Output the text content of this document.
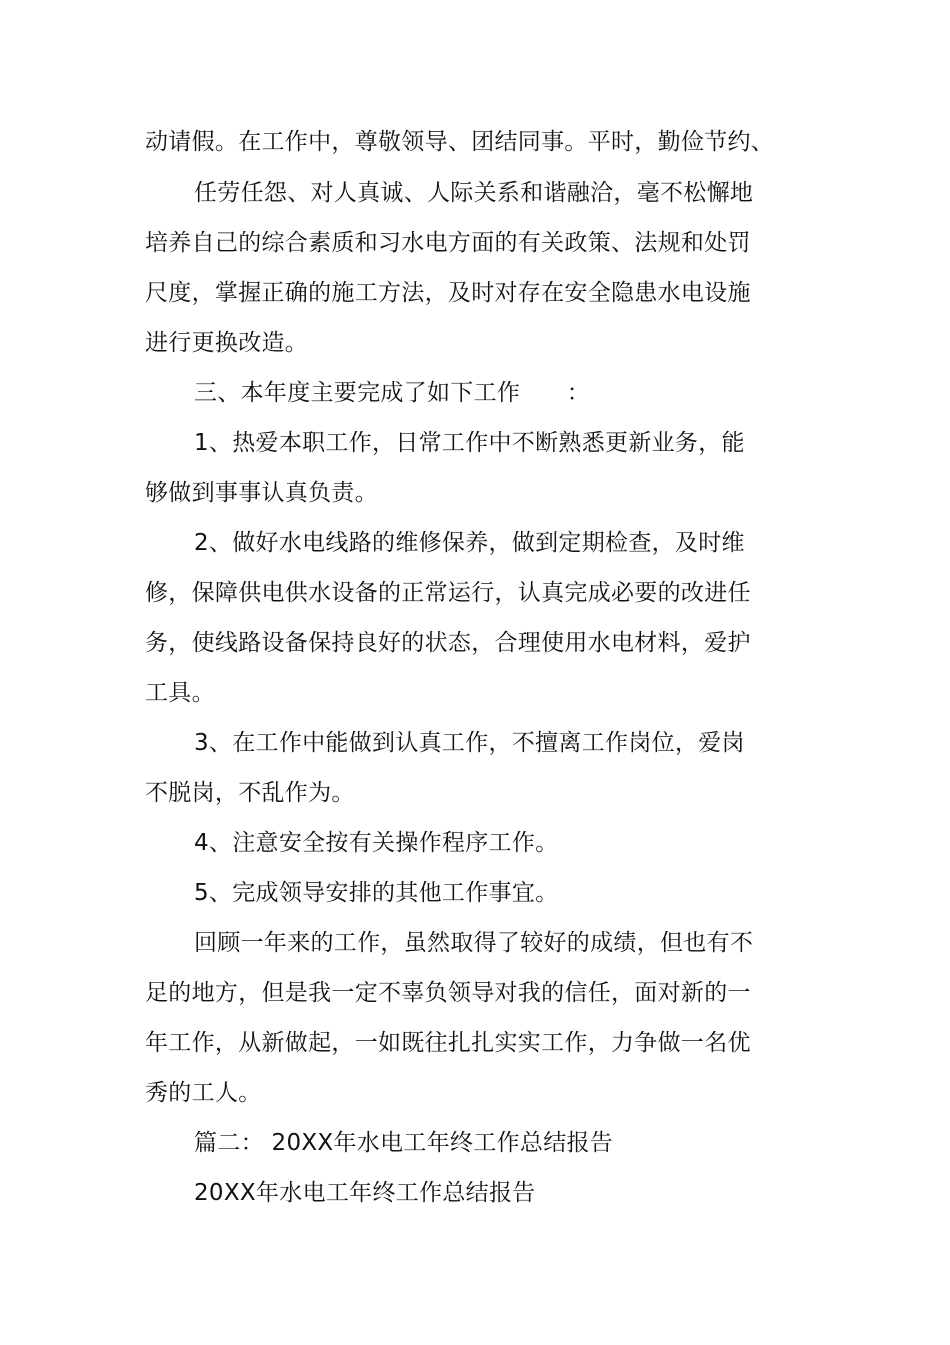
动请假。在工作中，尊敬领导、团结同事。平时，勤俭节约、
任劳任怨、对人真诚、人际关系和谐融洽，毫不松懈地
培养自己的综合素质和习水电方面的有关政策、法规和处罚
尺度，掌握正确的施工方法，及时对存在安全隐患水电设施
进行更换改造。
三、本年度主要完成了如下工作　　：
1、热爱本职工作，日常工作中不断熟悉更新业务，能
够做到事事认真负责。
2、做好水电线路的维修保养，做到定期检查，及时维
修，保障供电供水设备的正常运行，认真完成必要的改进任
务，使线路设备保持良好的状态，合理使用水电材料，爱护
工具。
3、在工作中能做到认真工作，不擅离工作岗位，爱岗
不脱岗，不乱作为。
4、注意安全按有关操作程序工作。
5、完成领导安排的其他工作事宜。
回顾一年来的工作，虽然取得了较好的成绩，但也有不
足的地方，但是我一定不辜负领导对我的信任，面对新的一
年工作，从新做起，一如既往扎扎实实工作，力争做一名优
秀的工人。
篇二： 20XX年水电工年终工作总结报告
20XX年水电工年终工作总结报告
